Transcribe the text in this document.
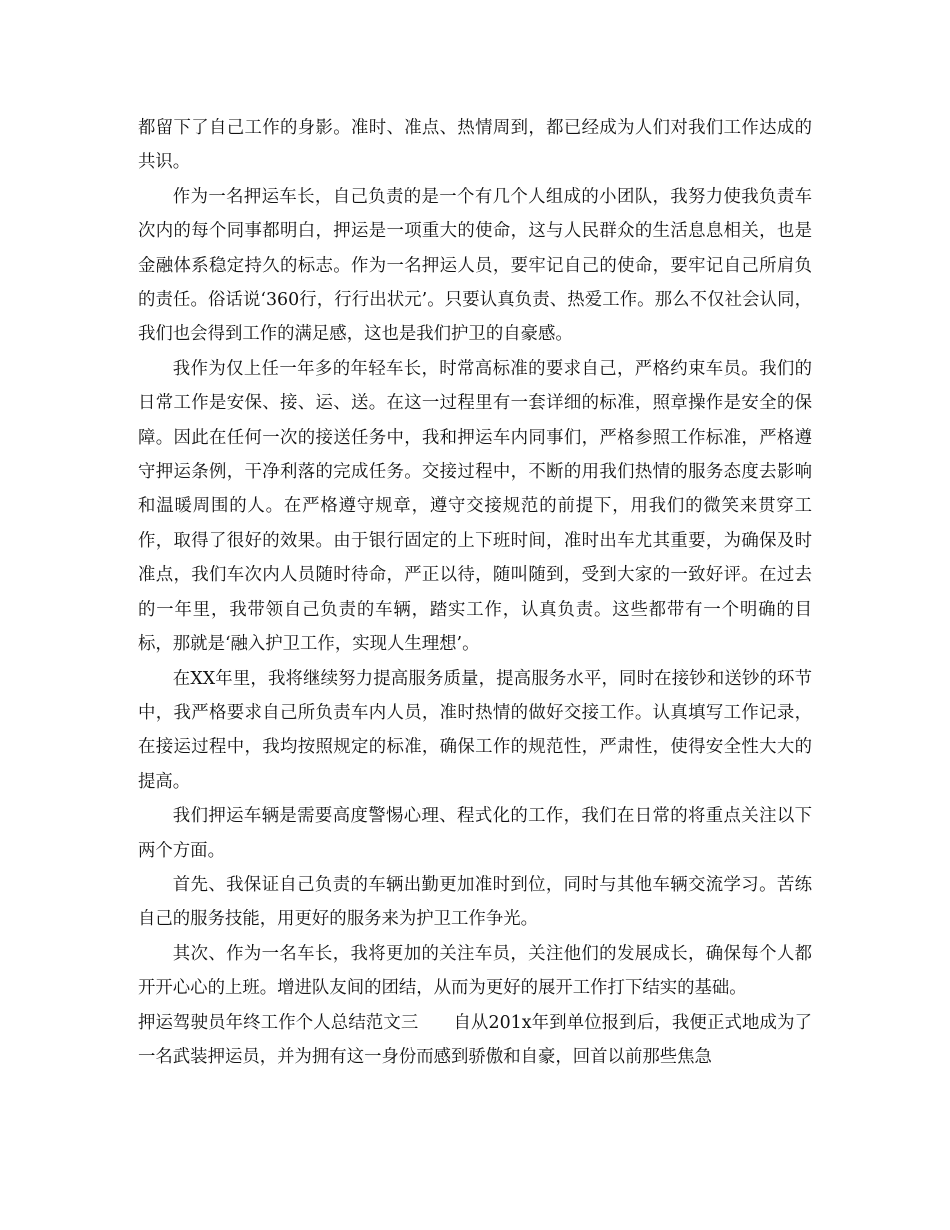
都留下了自己工作的身影。准时、准点、热情周到，都已经成为人们对我们工作达成的共识。

作为一名押运车长，自己负责的是一个有几个人组成的小团队，我努力使我负责车次内的每个同事都明白，押运是一项重大的使命，这与人民群众的生活息息相关，也是金融体系稳定持久的标志。作为一名押运人员，要牢记自己的使命，要牢记自己所肩负的责任。俗话说‘360行，行行出状元’。只要认真负责、热爱工作。那么不仅社会认同，我们也会得到工作的满足感，这也是我们护卫的自豪感。

我作为仅上任一年多的年轻车长，时常高标准的要求自己，严格约束车员。我们的日常工作是安保、接、运、送。在这一过程里有一套详细的标准，照章操作是安全的保障。因此在任何一次的接送任务中，我和押运车内同事们，严格参照工作标准，严格遵守押运条例，干净利落的完成任务。交接过程中，不断的用我们热情的服务态度去影响和温暖周围的人。在严格遵守规章，遵守交接规范的前提下，用我们的微笑来贯穿工作，取得了很好的效果。由于银行固定的上下班时间，准时出车尤其重要，为确保及时准点，我们车次内人员随时待命，严正以待，随叫随到，受到大家的一致好评。在过去的一年里，我带领自己负责的车辆，踏实工作，认真负责。这些都带有一个明确的目标，那就是‘融入护卫工作，实现人生理想’。

在XX年里，我将继续努力提高服务质量，提高服务水平，同时在接钞和送钞的环节中，我严格要求自己所负责车内人员，准时热情的做好交接工作。认真填写工作记录，在接运过程中，我均按照规定的标准，确保工作的规范性，严肃性，使得安全性大大的提高。

我们押运车辆是需要高度警惕心理、程式化的工作，我们在日常的将重点关注以下两个方面。

首先、我保证自己负责的车辆出勤更加准时到位，同时与其他车辆交流学习。苦练自己的服务技能，用更好的服务来为护卫工作争光。

其次、作为一名车长，我将更加的关注车员，关注他们的发展成长，确保每个人都开开心心的上班。增进队友间的团结，从而为更好的展开工作打下结实的基础。

押运驾驶员年终工作个人总结范文三　　自从201x年到单位报到后，我便正式地成为了一名武装押运员，并为拥有这一身份而感到骄傲和自豪，回首以前那些焦急
